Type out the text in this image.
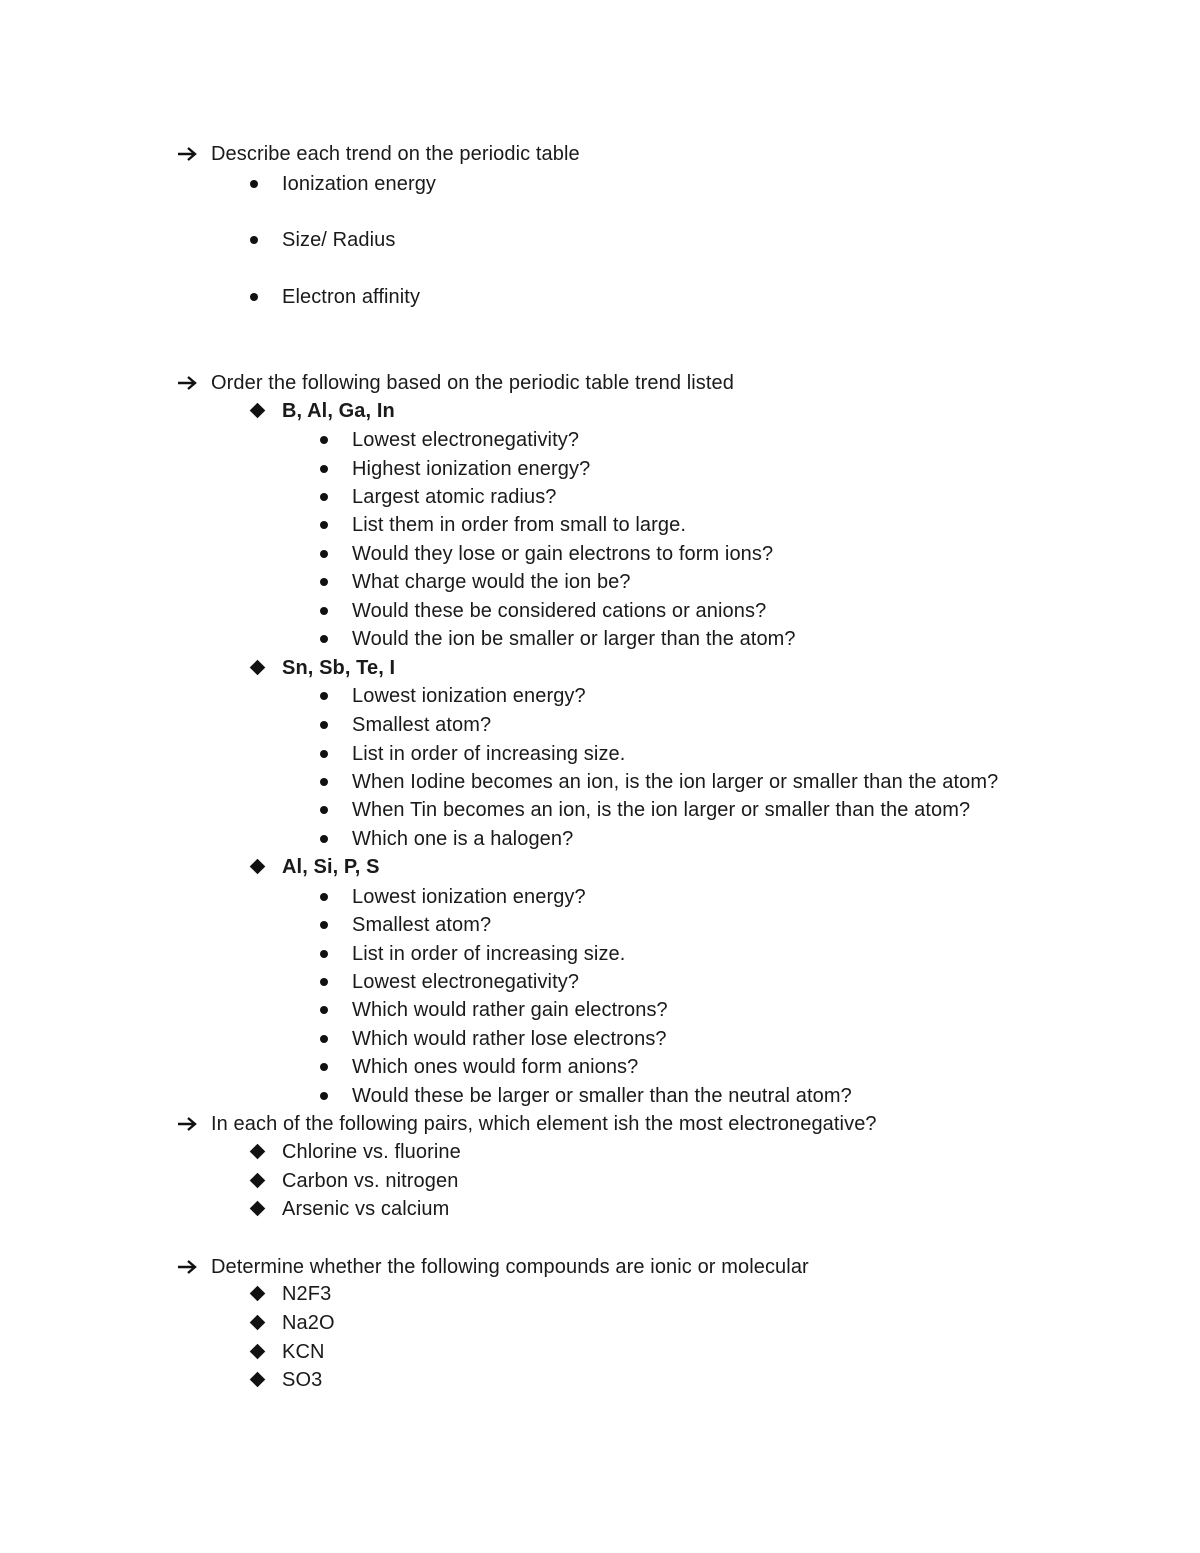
Describe each trend on the periodic table
Ionization energy
Size/ Radius
Electron affinity
Order the following based on the periodic table trend listed
B, Al, Ga, In
Lowest electronegativity?
Highest ionization energy?
Largest atomic radius?
List them in order from small to large.
Would they lose or gain electrons to form ions?
What charge would the ion be?
Would these be considered cations or anions?
Would the ion be smaller or larger than the atom?
Sn, Sb, Te, I
Lowest ionization energy?
Smallest atom?
List in order of increasing size.
When Iodine becomes an ion, is the ion larger or smaller than the atom?
When Tin becomes an ion, is the ion larger or smaller than the atom?
Which one is a halogen?
Al, Si, P, S
Lowest ionization energy?
Smallest atom?
List in order of increasing size.
Lowest electronegativity?
Which would rather gain electrons?
Which would rather lose electrons?
Which ones would form anions?
Would these be larger or smaller than the neutral atom?
In each of the following pairs, which element ish the most electronegative?
Chlorine vs. fluorine
Carbon vs. nitrogen
Arsenic vs calcium
Determine whether the following compounds are ionic or molecular
N2F3
Na2O
KCN
SO3
